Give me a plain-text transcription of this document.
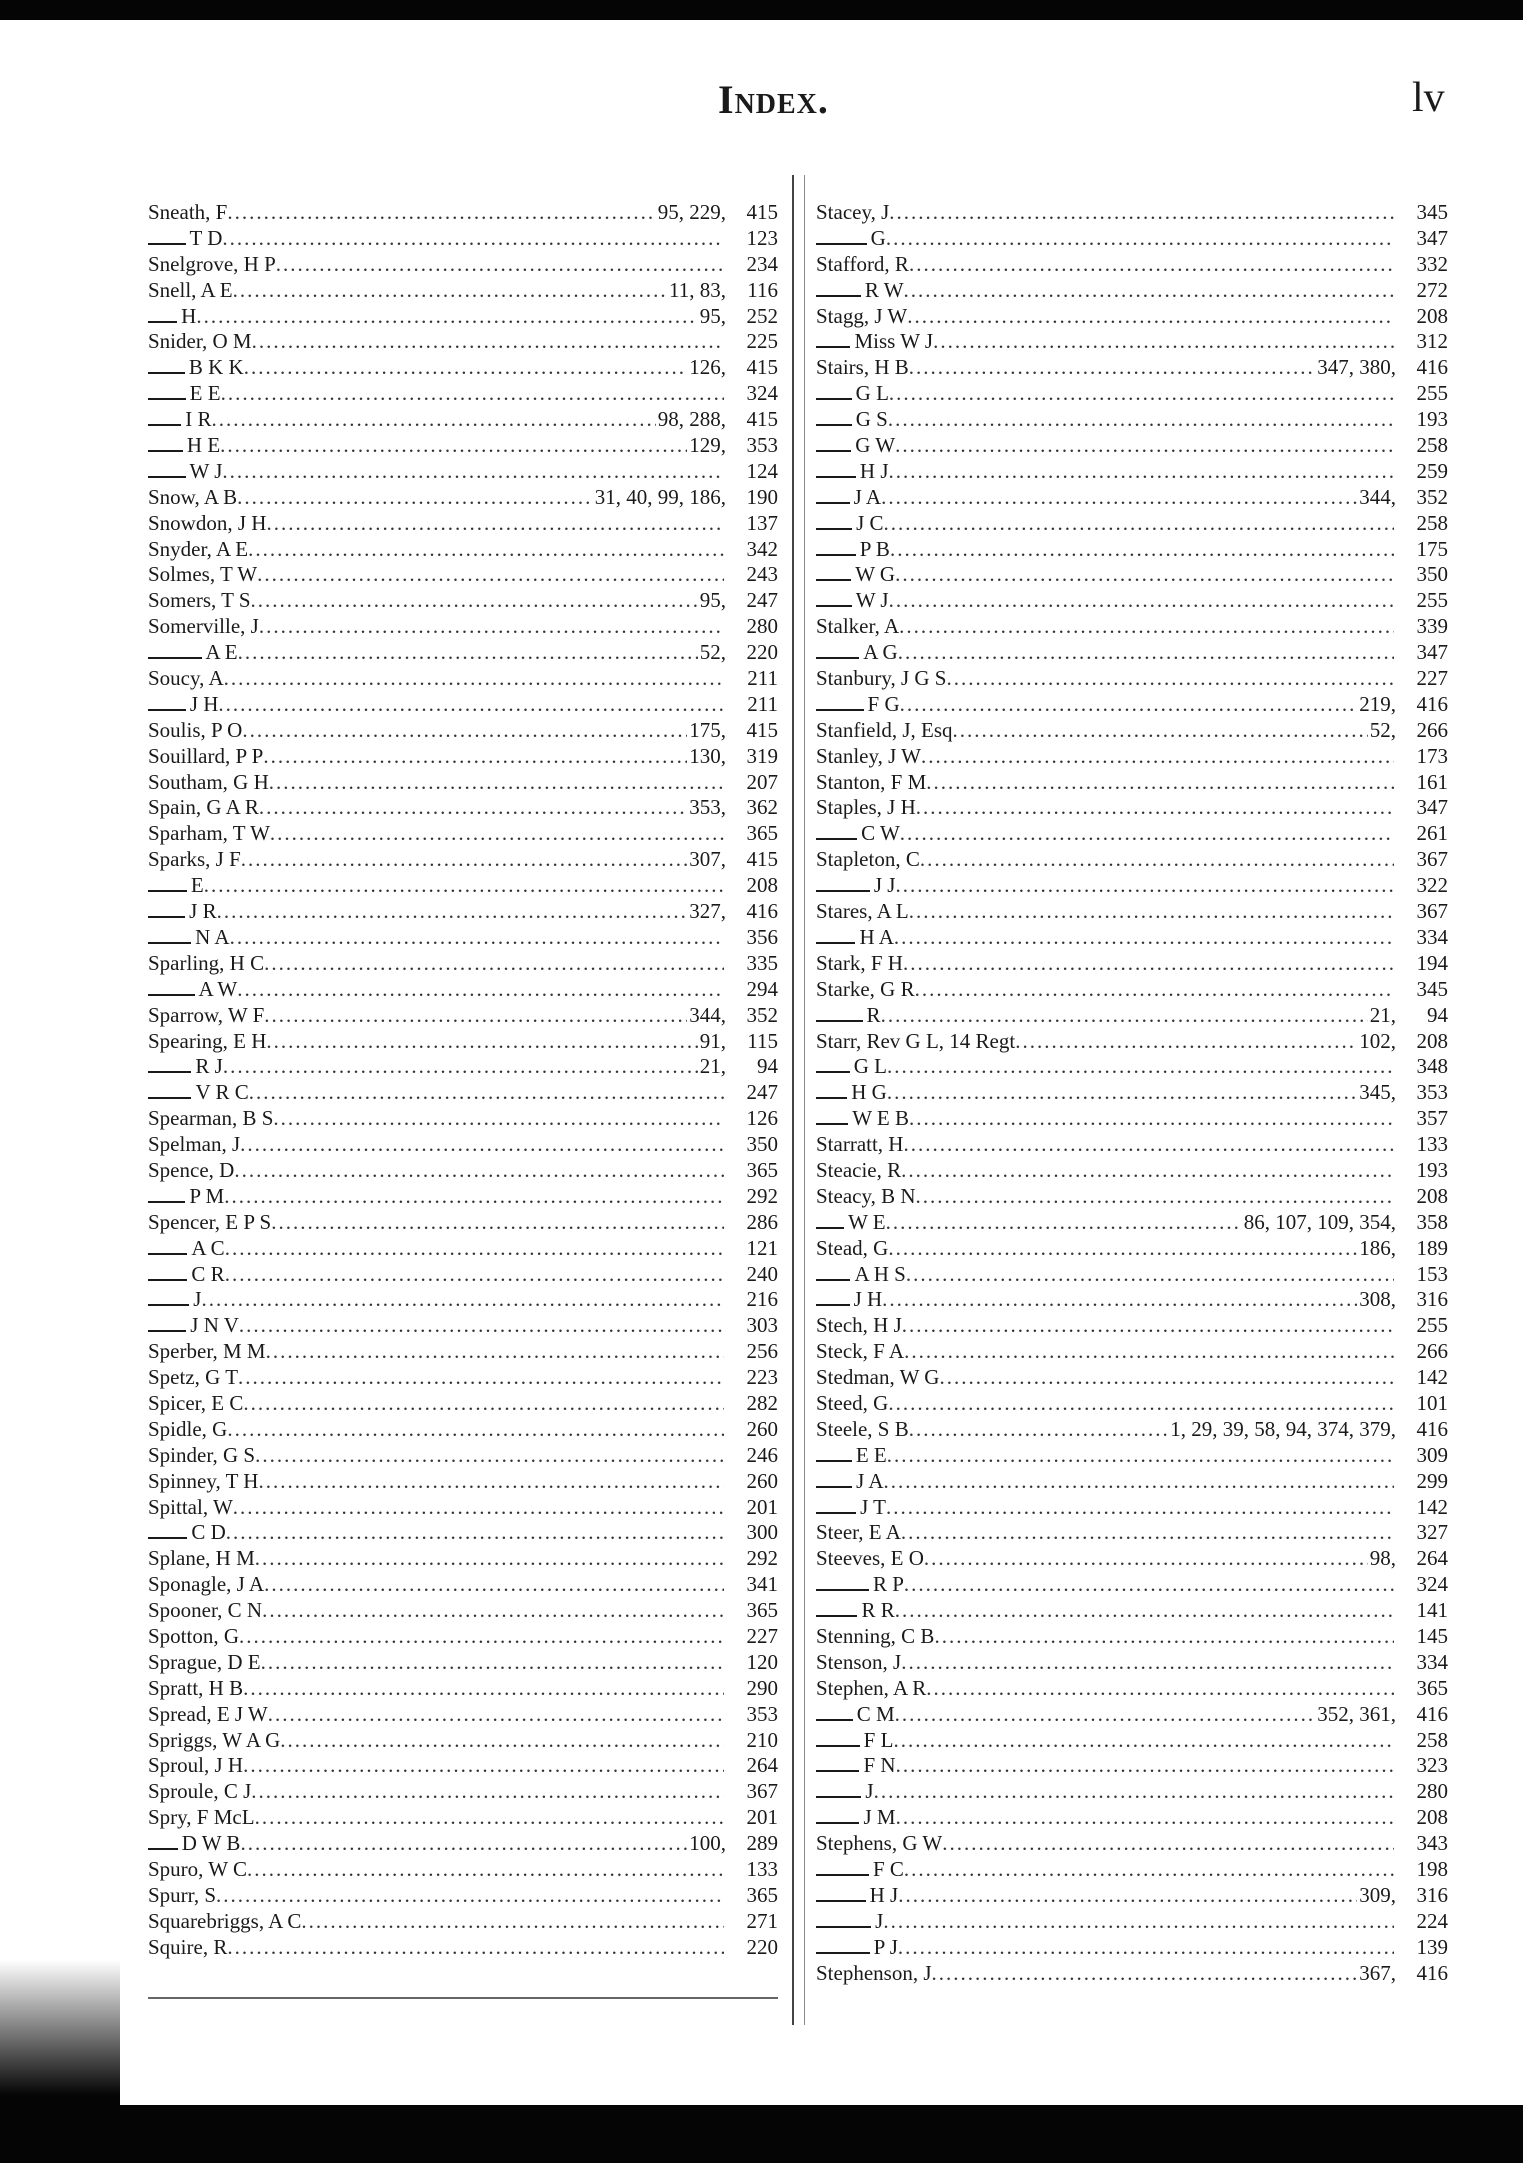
Index.	lv
Sneath, F .....	95, 229, 415
T D .....	123
Snelgrove, H P .....	234
Snell, A E .....	11, 83,	116
H .....	95, 252
Snider, O M .....	225
B K K .....	126, 415
E E .....	324
I R .....	98, 288, 415
H E .....	129, 353
W J .....	124
Snow, A B .....	31, 40, 99, 186, 190
Snowdon, J H .....	137
Snyder, A E .....	342
Solmes, T W .....	243
Somers, T S .....	95, 247
Somerville, J .....	280
A E .....	52, 220
Soucy, A .....	211
J H .....	211
Soulis, P O .....	175, 415
Souillard, P P .....	130, 319
Southam, G H .....	207
Spain, G A R .....	353, 362
Sparham, T W .....	365
Sparks, J F .....	307, 415
E .....	208
J R .....	327, 416
N A .....	356
Sparling, H C .....	335
A W .....	294
Sparrow, W F .....	344, 352
Spearing, E H .....	91,	115
R J .....	21,	94
V R C .....	247
Spearman, B S .....	126
Spelman, J .....	350
Spence, D .....	365
P M .....	292
Spencer, E P S .....	286
A C .....	121
C R .....	240
J .....	216
J N V .....	303
Sperber, M M .....	256
Spetz, G T .....	223
Spicer, E C .....	282
Spidle, G .....	260
Spinder, G S .....	246
Spinney, T H .....	260
Spittal, W .....	201
C D .....	300
Splane, H M .....	292
Sponagle, J A .....	341
Spooner, C N .....	365
Spotton, G .....	227
Sprague, D E .....	120
Spratt, H B .....	290
Spread, E J W .....	353
Spriggs, W A G .....	210
Sproul, J H .....	264
Sproule, C J .....	367
Spry, F McL .....	201
D W B .....	100, 289
Spuro, W C .....	133
Spurr, S .....	365
Squarebriggs, A C .....	271
Squire, R .....	220
Stacey, J .....	345
G .....	347
Stafford, R .....	332
R W .....	272
Stagg, J W .....	208
Miss W J .....	312
Stairs, H B .....	347, 380, 416
G L .....	255
G S .....	193
G W .....	258
H J .....	259
J A .....	344, 352
J C .....	258
P B .....	175
W G .....	350
W J .....	255
Stalker, A .....	339
A G .....	347
Stanbury, J G S .....	227
F G .....	219, 416
Stanfield, J, Esq .....	52, 266
Stanley, J W .....	173
Stanton, F M .....	161
Staples, J H .....	347
C W .....	261
Stapleton, C .....	367
J J .....	322
Stares, A L .....	367
H A .....	334
Stark, F H .....	194
Starke, G R .....	345
R .....	21,	94
Starr, Rev G L, 14 Regt .....	102, 208
G L .....	348
H G .....	345, 353
W E B .....	357
Starratt, H .....	133
Steacie, R .....	193
Steacy, B N .....	208
W E .....	86, 107, 109, 354, 358
Stead, G .....	186, 189
A H S .....	153
J H .....	308, 316
Stech, H J .....	255
Steck, F A .....	266
Stedman, W G .....	142
Steed, G .....	101
Steele, S B .....	1, 29, 39, 58, 94, 374, 379, 416
E E .....	309
J A .....	299
J T .....	142
Steer, E A .....	327
Steeves, E O .....	98, 264
R P .....	324
R R .....	141
Stenning, C B .....	145
Stenson, J .....	334
Stephen, A R .....	365
C M .....	352, 361, 416
F L .....	258
F N .....	323
J .....	280
J M .....	208
Stephens, G W .....	343
F C .....	198
H J .....	309, 316
J .....	224
P J .....	139
Stephenson, J .....	367, 416
